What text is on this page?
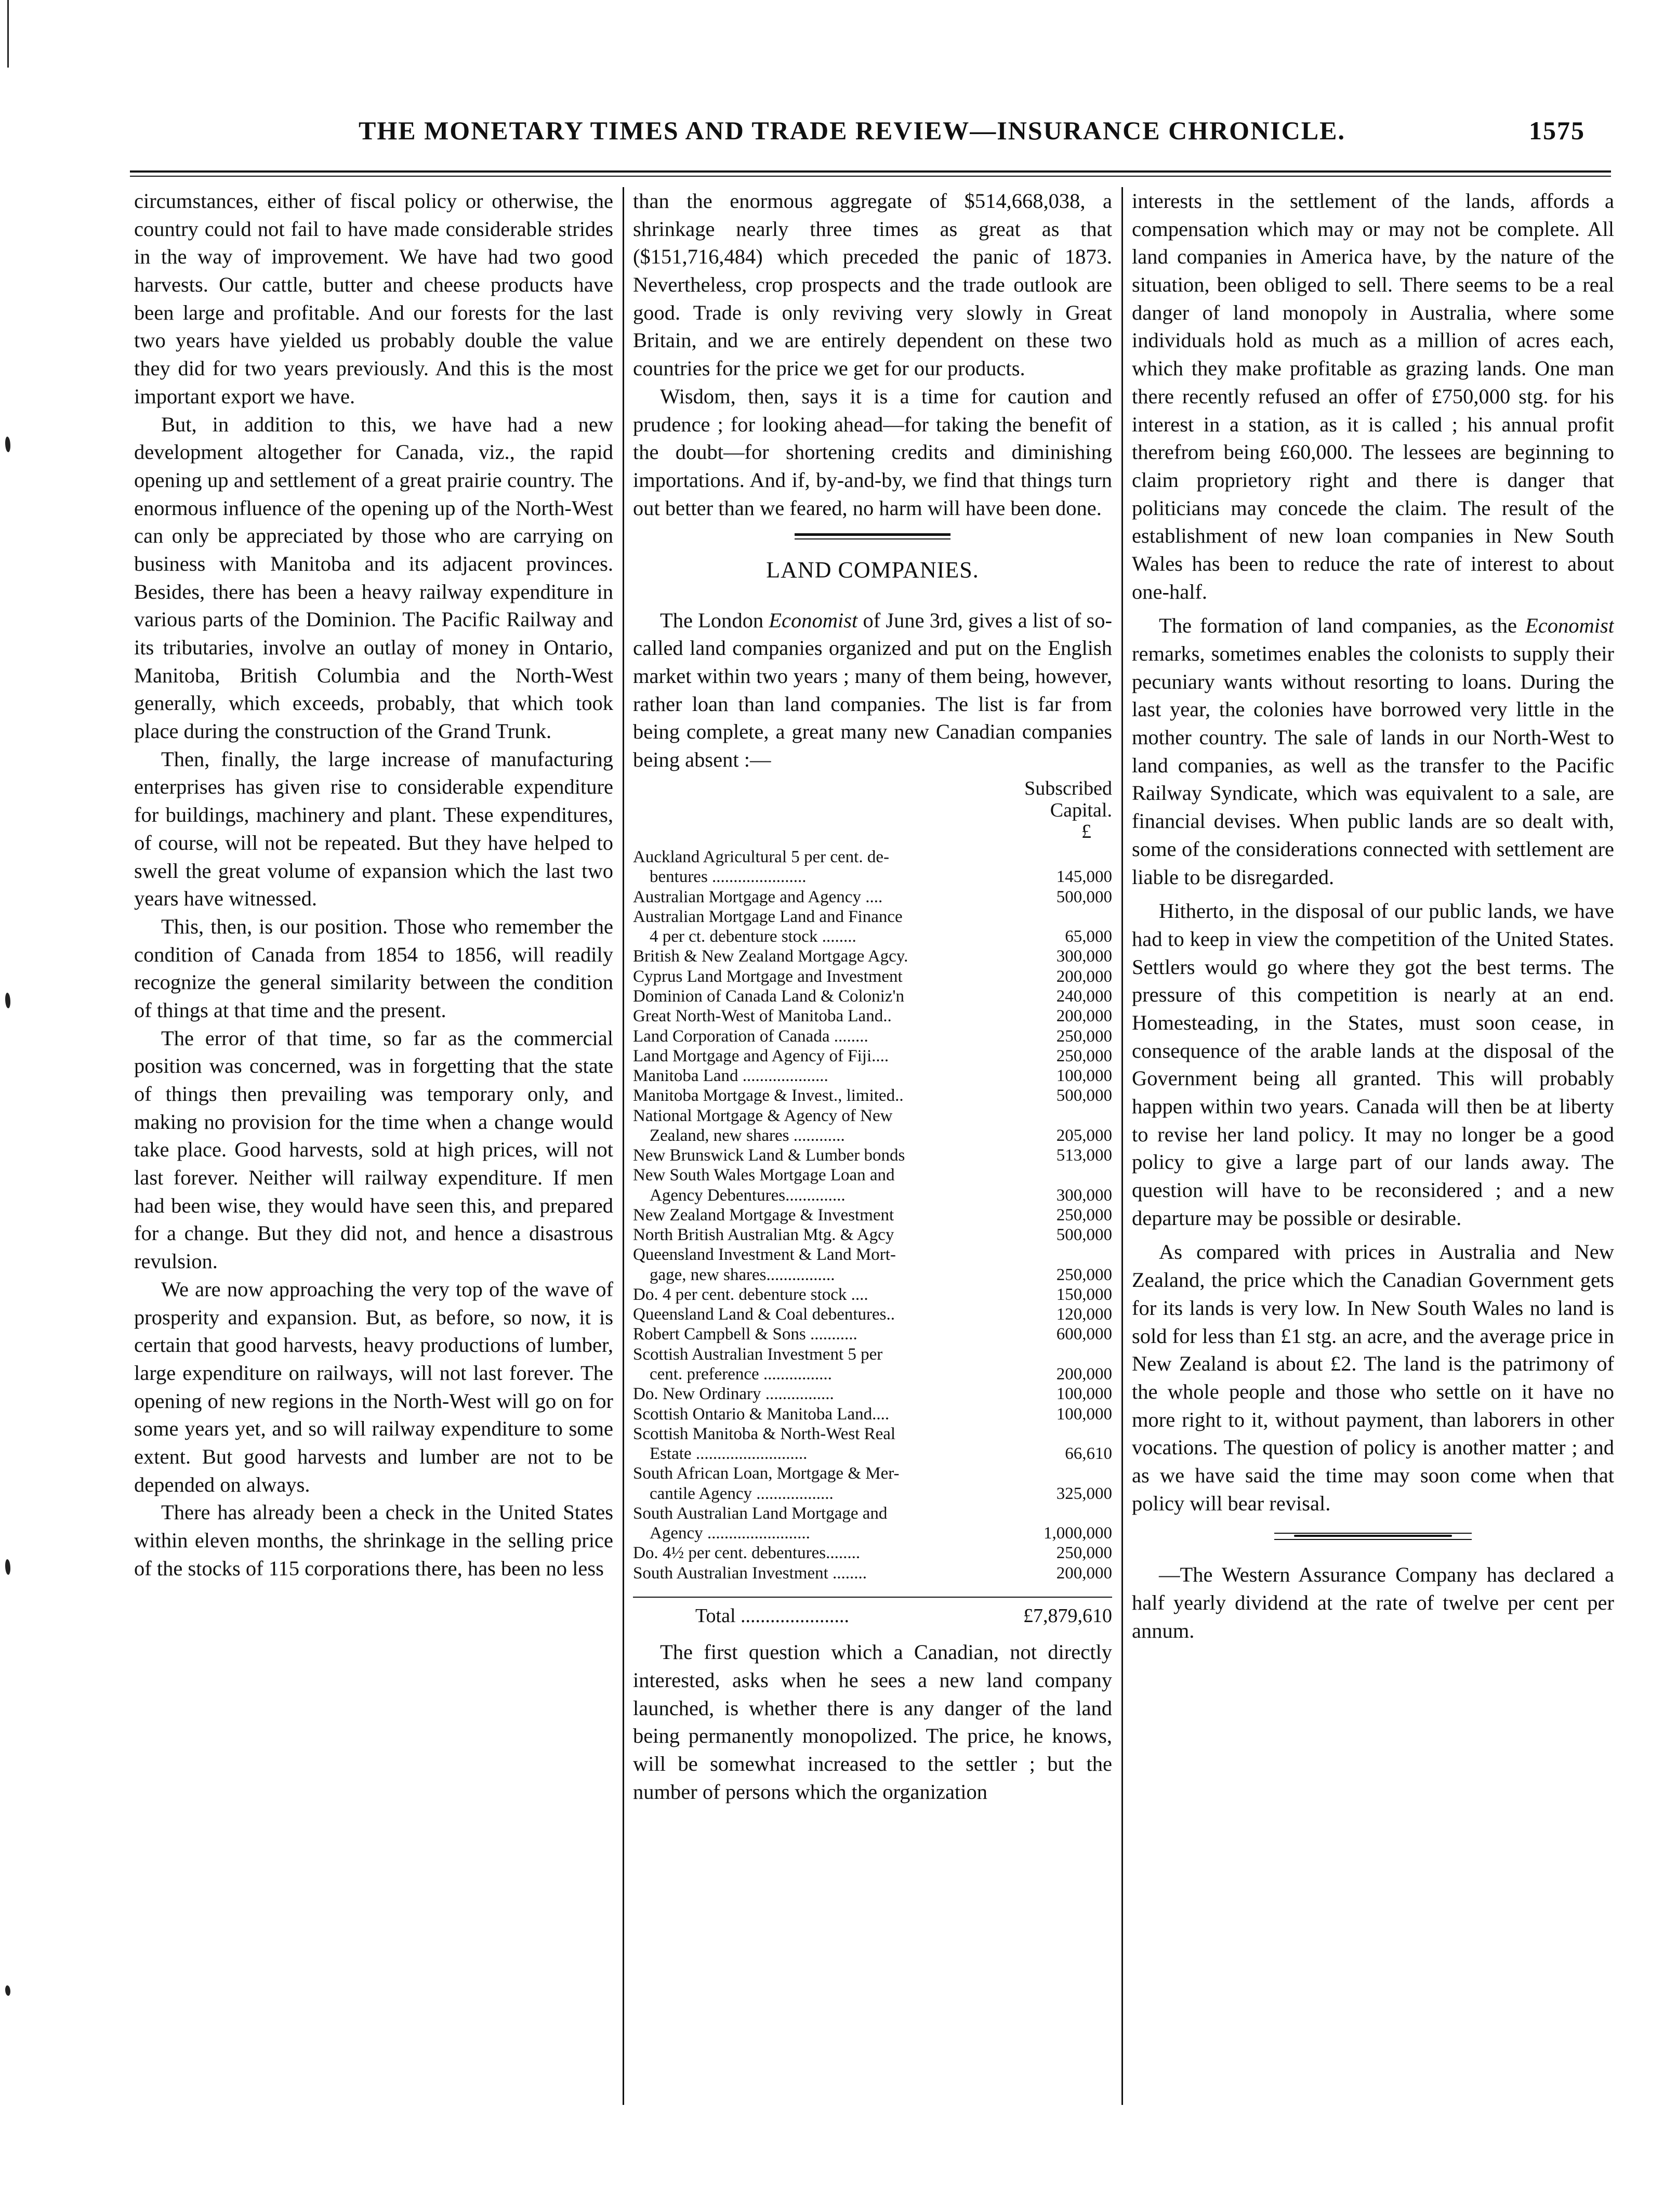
THE MONETARY TIMES AND TRADE REVIEW—INSURANCE CHRONICLE.	1575

circumstances, either of fiscal policy or otherwise, the country could not fail to have made considerable strides in the way of improvement. We have had two good harvests. Our cattle, butter and cheese products have been large and profitable. And our forests for the last two years have yielded us probably double the value they did for two years previously. And this is the most important export we have.

But, in addition to this, we have had a new development altogether for Canada, viz., the rapid opening up and settlement of a great prairie country. The enormous influence of the opening up of the North-West can only be appreciated by those who are carrying on business with Manitoba and its adjacent provinces. Besides, there has been a heavy railway expenditure in various parts of the Dominion. The Pacific Railway and its tributaries, involve an outlay of money in Ontario, Manitoba, British Columbia and the North-West generally, which exceeds, probably, that which took place during the construction of the Grand Trunk.

Then, finally, the large increase of manufacturing enterprises has given rise to considerable expenditure for buildings, machinery and plant. These expenditures, of course, will not be repeated. But they have helped to swell the great volume of expansion which the last two years have witnessed.

This, then, is our position. Those who remember the condition of Canada from 1854 to 1856, will readily recognize the general similarity between the condition of things at that time and the present.

The error of that time, so far as the commercial position was concerned, was in forgetting that the state of things then prevailing was temporary only, and making no provision for the time when a change would take place. Good harvests, sold at high prices, will not last forever. Neither will railway expenditure. If men had been wise, they would have seen this, and prepared for a change. But they did not, and hence a disastrous revulsion.

We are now approaching the very top of the wave of prosperity and expansion. But, as before, so now, it is certain that good harvests, heavy productions of lumber, large expenditure on railways, will not last forever. The opening of new regions in the North-West will go on for some years yet, and so will railway expenditure to some extent. But good harvests and lumber are not to be depended on always.

There has already been a check in the United States within eleven months, the shrinkage in the selling price of the stocks of 115 corporations there, has been no less

than the enormous aggregate of $514,668,038, a shrinkage nearly three times as great as that ($151,716,484) which preceded the panic of 1873. Nevertheless, crop prospects and the trade outlook are good. Trade is only reviving very slowly in Great Britain, and we are entirely dependent on these two countries for the price we get for our products.

Wisdom, then, says it is a time for caution and prudence ; for looking ahead—for taking the benefit of the doubt—for shortening credits and diminishing importations. And if, by-and-by, we find that things turn out better than we feared, no harm will have been done.

LAND COMPANIES.

The London Economist of June 3rd, gives a list of so-called land companies organized and put on the English market within two years ; many of them being, however, rather loan than land companies. The list is far from being complete, a great many new Canadian companies being absent :—

Subscribed
Capital.
£
Auckland Agricultural 5 per cent. de-
bentures ......................	145,000
Australian Mortgage and Agency ....	500,000
Australian Mortgage Land and Finance
4 per ct. debenture stock ........	65,000
British & New Zealand Mortgage Agcy.	300,000
Cyprus Land Mortgage and Investment	200,000
Dominion of Canada Land & Coloniz'n	240,000
Great North-West of Manitoba Land..	200,000
Land Corporation of Canada ........	250,000
Land Mortgage and Agency of Fiji....	250,000
Manitoba Land ....................	100,000
Manitoba Mortgage & Invest., limited..	500,000
National Mortgage & Agency of New
Zealand, new shares ............	205,000
New Brunswick Land & Lumber bonds	513,000
New South Wales Mortgage Loan and
Agency Debentures..............	300,000
New Zealand Mortgage & Investment	250,000
North British Australian Mtg. & Agcy	500,000
Queensland Investment & Land Mort-
gage, new shares................	250,000
Do. 4 per cent. debenture stock ....	150,000
Queensland Land & Coal debentures..	120,000
Robert Campbell & Sons ...........	600,000
Scottish Australian Investment 5 per
cent. preference ................	200,000
Do. New Ordinary ................	100,000
Scottish Ontario & Manitoba Land....	100,000
Scottish Manitoba & North-West Real
Estate ..........................	66,610
South African Loan, Mortgage & Mer-
cantile Agency ..................	325,000
South Australian Land Mortgage and
Agency ........................	1,000,000
Do. 4½ per cent. debentures........	250,000
South Australian Investment ........	200,000
Total ......................	£7,879,610

The first question which a Canadian, not directly interested, asks when he sees a new land company launched, is whether there is any danger of the land being permanently monopolized. The price, he knows, will be somewhat increased to the settler ; but the number of persons which the organization

interests in the settlement of the lands, affords a compensation which may or may not be complete. All land companies in America have, by the nature of the situation, been obliged to sell. There seems to be a real danger of land monopoly in Australia, where some individuals hold as much as a million of acres each, which they make profitable as grazing lands. One man there recently refused an offer of £750,000 stg. for his interest in a station, as it is called ; his annual profit therefrom being £60,000. The lessees are beginning to claim proprietory right and there is danger that politicians may concede the claim. The result of the establishment of new loan companies in New South Wales has been to reduce the rate of interest to about one-half.

The formation of land companies, as the Economist remarks, sometimes enables the colonists to supply their pecuniary wants without resorting to loans. During the last year, the colonies have borrowed very little in the mother country. The sale of lands in our North-West to land companies, as well as the transfer to the Pacific Railway Syndicate, which was equivalent to a sale, are financial devises. When public lands are so dealt with, some of the considerations connected with settlement are liable to be disregarded.

Hitherto, in the disposal of our public lands, we have had to keep in view the competition of the United States. Settlers would go where they got the best terms. The pressure of this competition is nearly at an end. Homesteading, in the States, must soon cease, in consequence of the arable lands at the disposal of the Government being all granted. This will probably happen within two years. Canada will then be at liberty to revise her land policy. It may no longer be a good policy to give a large part of our lands away. The question will have to be reconsidered ; and a new departure may be possible or desirable.

As compared with prices in Australia and New Zealand, the price which the Canadian Government gets for its lands is very low. In New South Wales no land is sold for less than £1 stg. an acre, and the average price in New Zealand is about £2. The land is the patrimony of the whole people and those who settle on it have no more right to it, without payment, than laborers in other vocations. The question of policy is another matter ; and as we have said the time may soon come when that policy will bear revisal.

—The Western Assurance Company has declared a half yearly dividend at the rate of twelve per cent per annum.
